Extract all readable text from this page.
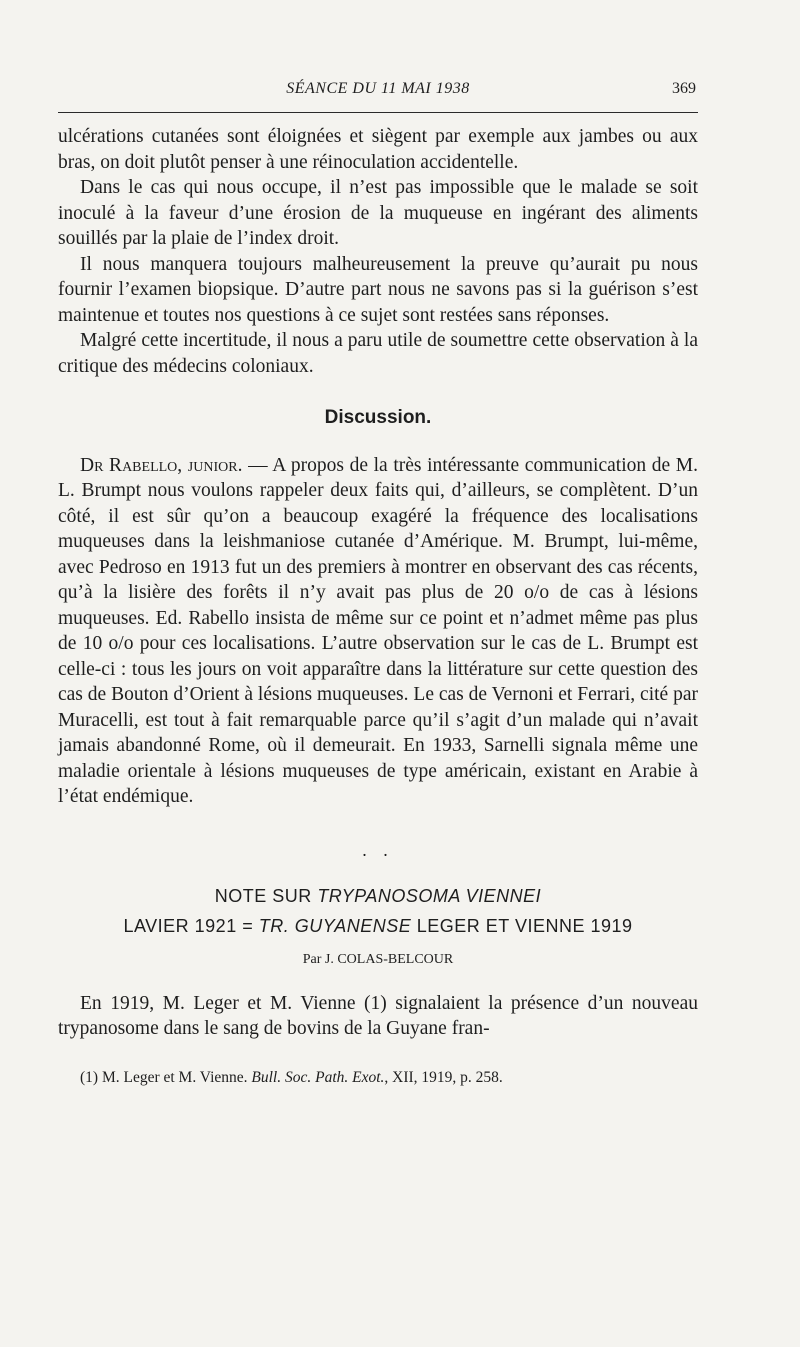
SÉANCE DU 11 MAI 1938	369

ulcérations cutanées sont éloignées et siègent par exemple aux jambes ou aux bras, on doit plutôt penser à une réinoculation accidentelle.

Dans le cas qui nous occupe, il n’est pas impossible que le malade se soit inoculé à la faveur d’une érosion de la muqueuse en ingérant des aliments souillés par la plaie de l’index droit.

Il nous manquera toujours malheureusement la preuve qu’aurait pu nous fournir l’examen biopsique. D’autre part nous ne savons pas si la guérison s’est maintenue et toutes nos questions à ce sujet sont restées sans réponses.

Malgré cette incertitude, il nous a paru utile de soumettre cette observation à la critique des médecins coloniaux.

Discussion.

Dr Rabello, junior. — A propos de la très intéressante communication de M. L. Brumpt nous voulons rappeler deux faits qui, d’ailleurs, se complètent. D’un côté, il est sûr qu’on a beaucoup exagéré la fréquence des localisations muqueuses dans la leishmaniose cutanée d’Amérique. M. Brumpt, lui-même, avec Pedroso en 1913 fut un des premiers à montrer en observant des cas récents, qu’à la lisière des forêts il n’y avait pas plus de 20 o/o de cas à lésions muqueuses. Ed. Rabello insista de même sur ce point et n’admet même pas plus de 10 o/o pour ces localisations. L’autre observation sur le cas de L. Brumpt est celle-ci : tous les jours on voit apparaître dans la littérature sur cette question des cas de Bouton d’Orient à lésions muqueuses. Le cas de Vernoni et Ferrari, cité par Muracelli, est tout à fait remarquable parce qu’il s’agit d’un malade qui n’avait jamais abandonné Rome, où il demeurait. En 1933, Sarnelli signala même une maladie orientale à lésions muqueuses de type américain, existant en Arabie à l’état endémique.

. .
NOTE SUR TRYPANOSOMA VIENNEI
LAVIER 1921 = TR. GUYANENSE LEGER ET VIENNE 1919
Par J. COLAS-BELCOUR

En 1919, M. Leger et M. Vienne (1) signalaient la présence d’un nouveau trypanosome dans le sang de bovins de la Guyane fran-

(1) M. Leger et M. Vienne. Bull. Soc. Path. Exot., XII, 1919, p. 258.
